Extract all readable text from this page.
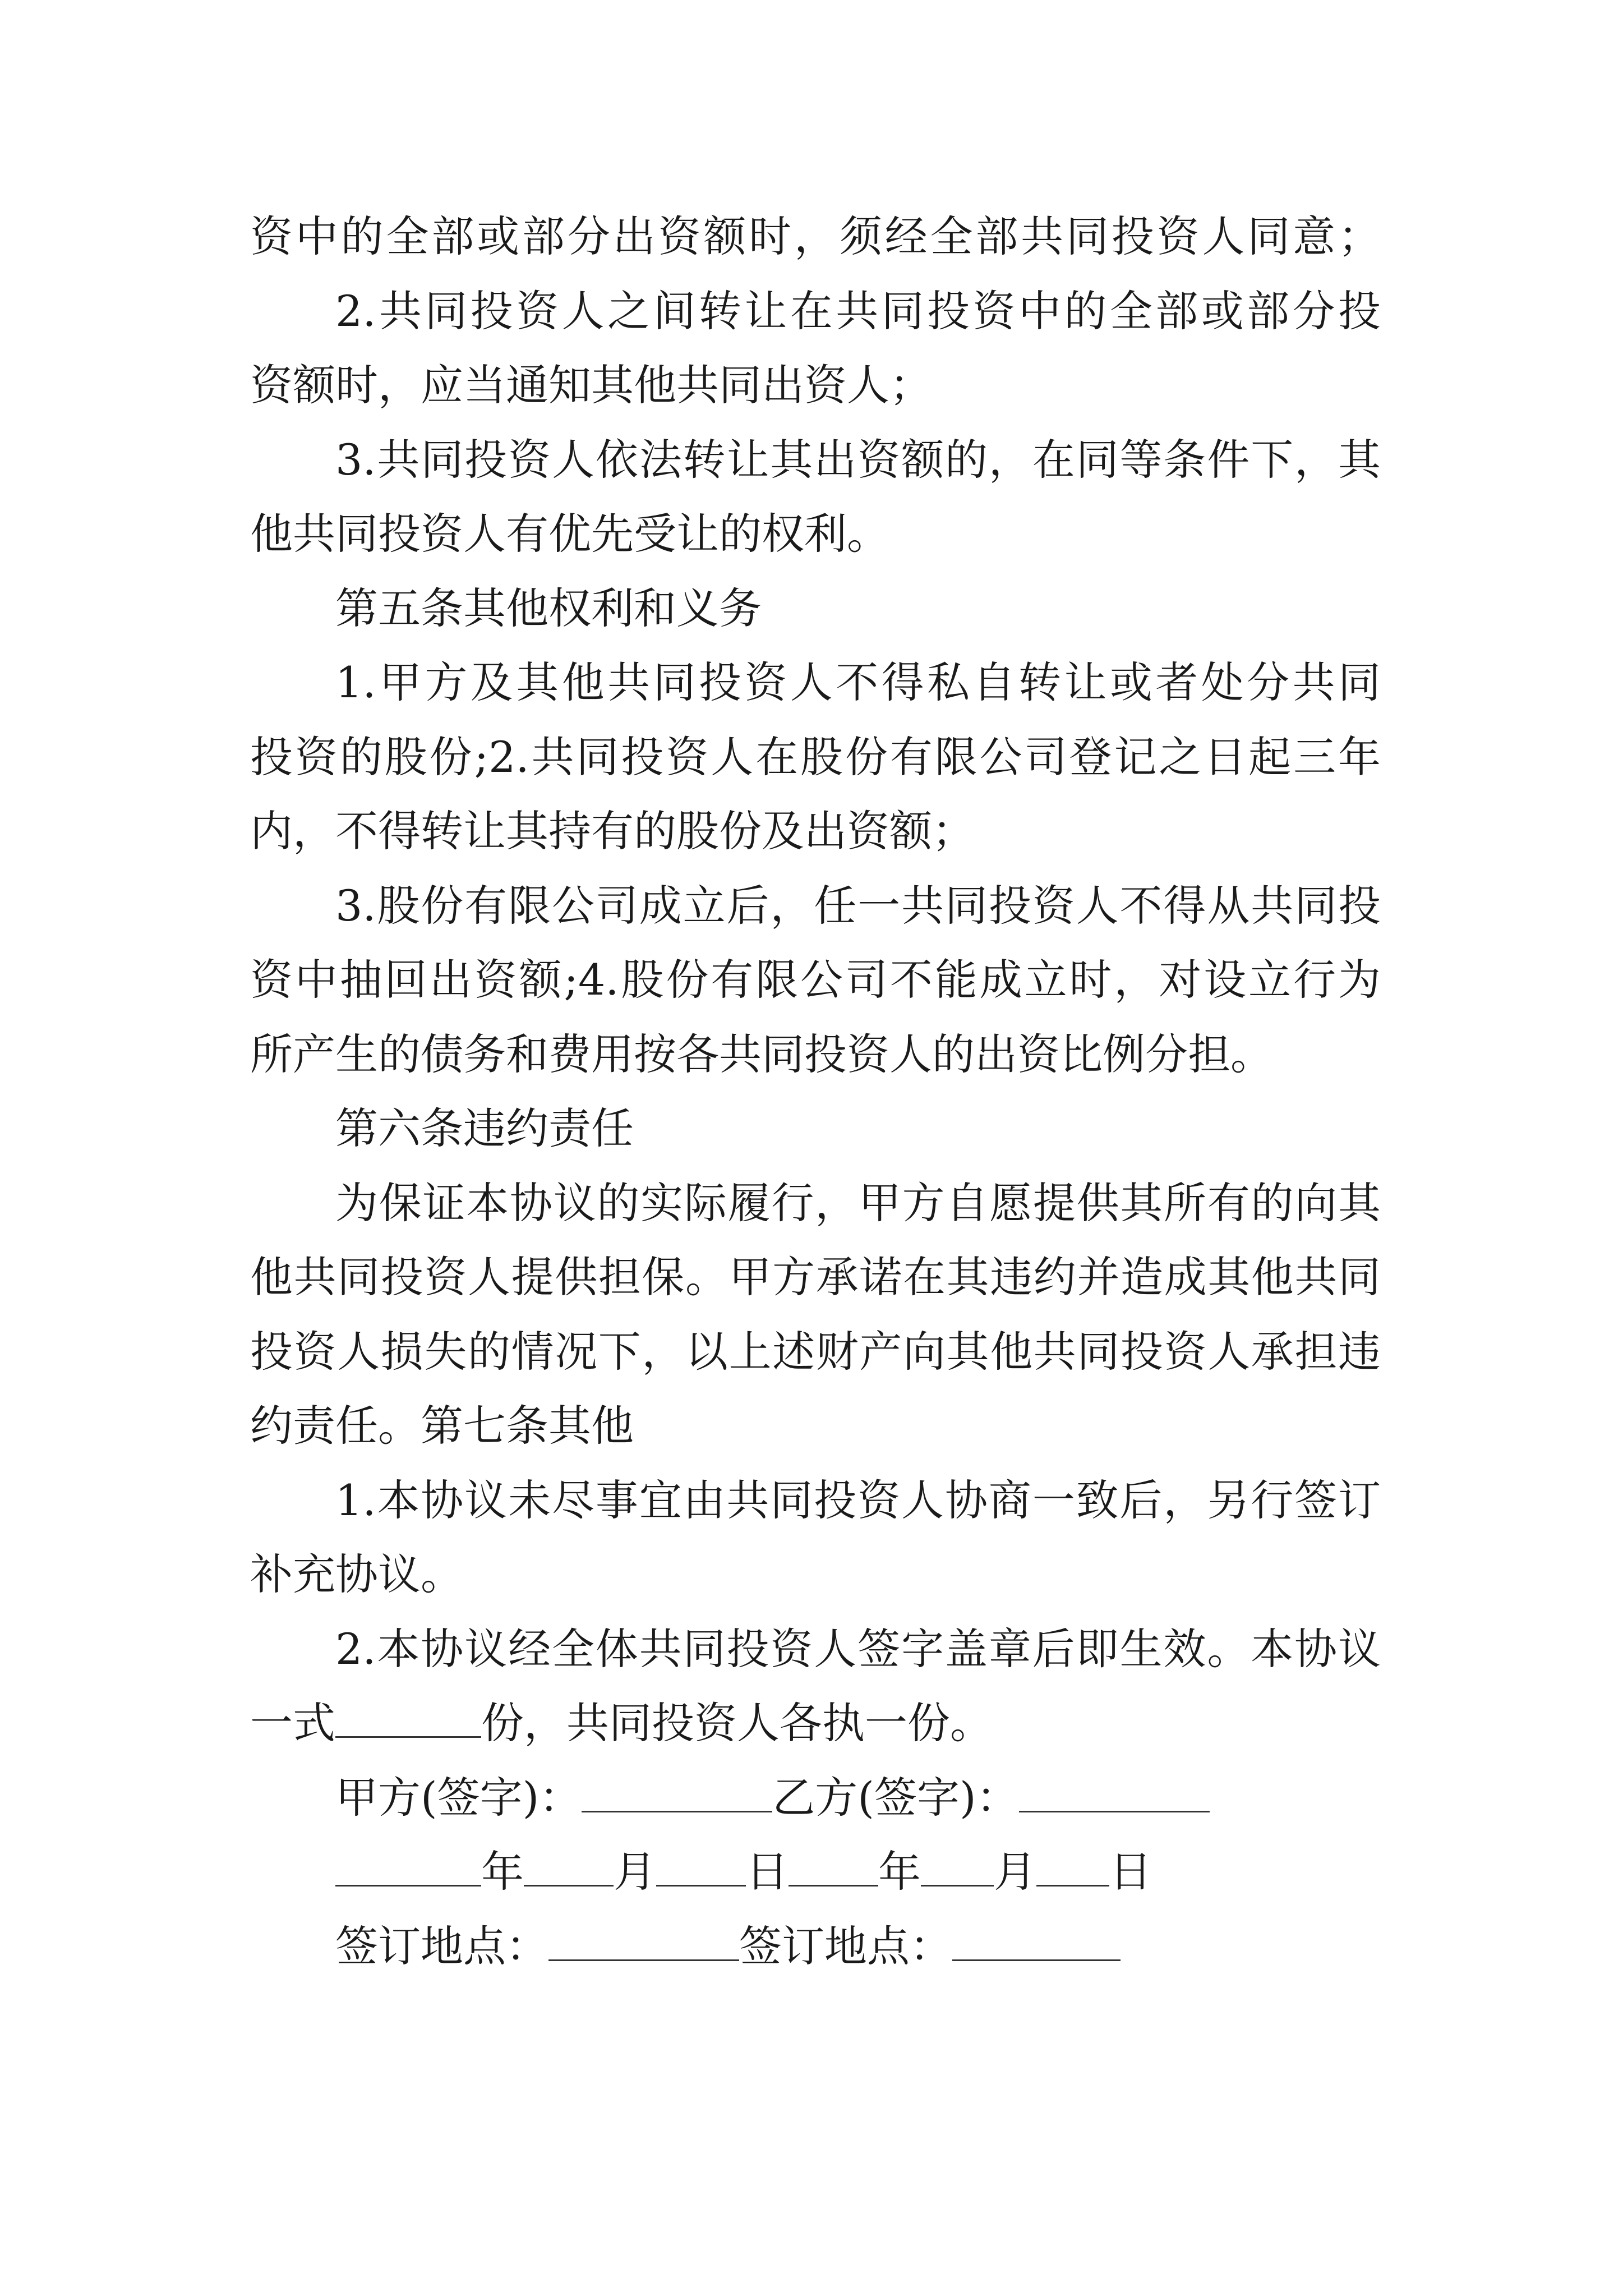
资中的全部或部分出资额时，须经全部共同投资人同意；
2.共同投资人之间转让在共同投资中的全部或部分投
资额时，应当通知其他共同出资人；
3.共同投资人依法转让其出资额的，在同等条件下，其
他共同投资人有优先受让的权利。
第五条其他权利和义务
1.甲方及其他共同投资人不得私自转让或者处分共同
投资的股份;2.共同投资人在股份有限公司登记之日起三年
内，不得转让其持有的股份及出资额；
3.股份有限公司成立后，任一共同投资人不得从共同投
资中抽回出资额;4.股份有限公司不能成立时，对设立行为
所产生的债务和费用按各共同投资人的出资比例分担。
第六条违约责任
为保证本协议的实际履行，甲方自愿提供其所有的向其
他共同投资人提供担保。甲方承诺在其违约并造成其他共同
投资人损失的情况下，以上述财产向其他共同投资人承担违
约责任。第七条其他
1.本协议未尽事宜由共同投资人协商一致后，另行签订
补充协议。
2.本协议经全体共同投资人签字盖章后即生效。本协议
一式	份，共同投资人各执一份。
甲方(签字)：	乙方(签字)：
年 月 日 年 月 日
签订地点：	签订地点：
